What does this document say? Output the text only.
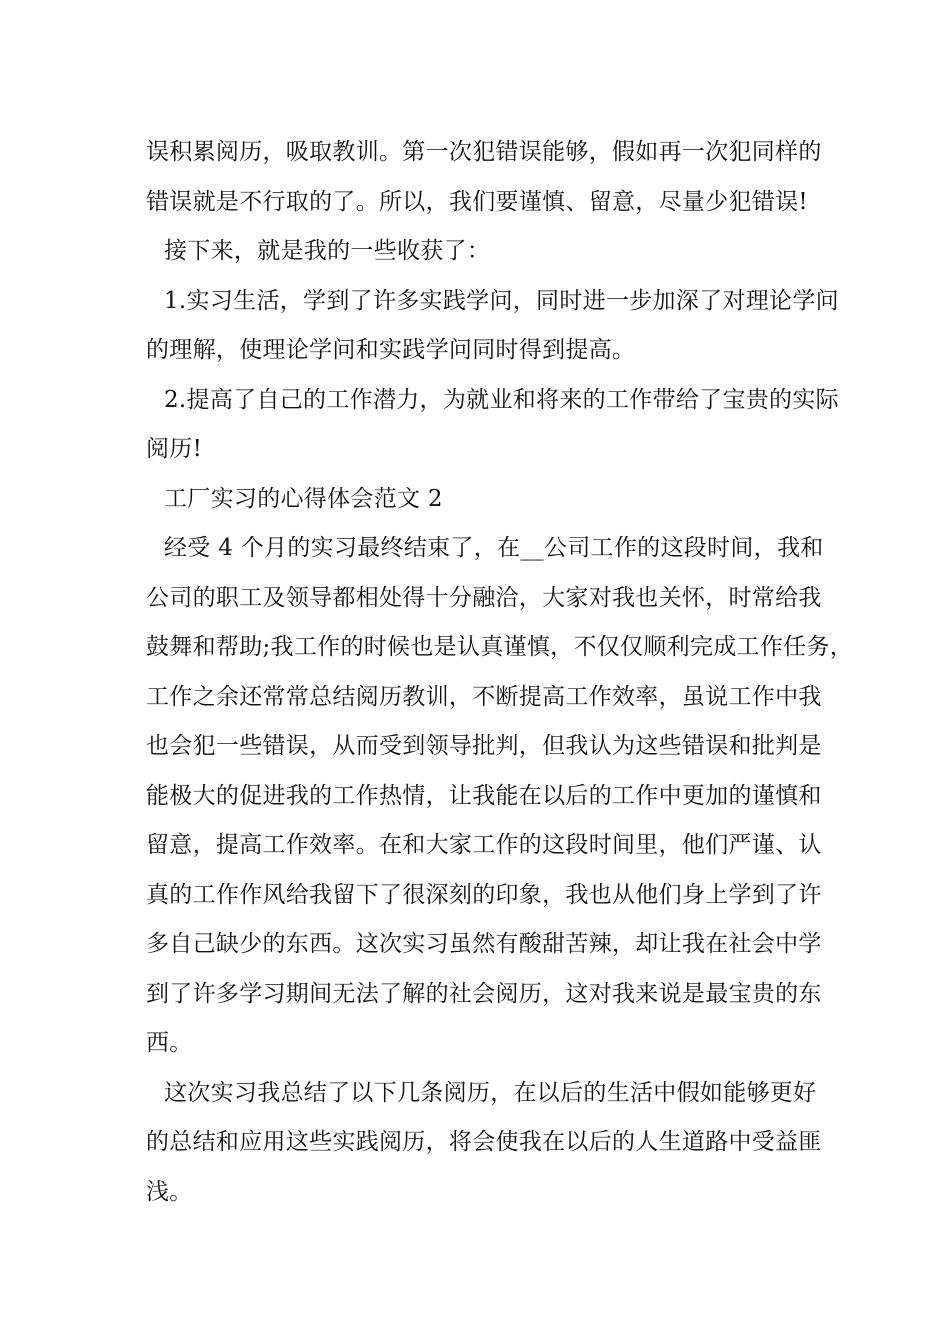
误积累阅历，吸取教训。第一次犯错误能够，假如再一次犯同样的
错误就是不行取的了。所以，我们要谨慎、留意，尽量少犯错误!
接下来，就是我的一些收获了：
1.实习生活，学到了许多实践学问，同时进一步加深了对理论学问
的理解，使理论学问和实践学问同时得到提高。
2.提高了自己的工作潜力，为就业和将来的工作带给了宝贵的实际
阅历!
工厂实习的心得体会范文 2
经受 4 个月的实习最终结束了，在__公司工作的这段时间，我和
公司的职工及领导都相处得十分融洽，大家对我也关怀，时常给我
鼓舞和帮助;我工作的时候也是认真谨慎，不仅仅顺利完成工作任务，
工作之余还常常总结阅历教训，不断提高工作效率，虽说工作中我
也会犯一些错误，从而受到领导批判，但我认为这些错误和批判是
能极大的促进我的工作热情，让我能在以后的工作中更加的谨慎和
留意，提高工作效率。在和大家工作的这段时间里，他们严谨、认
真的工作作风给我留下了很深刻的印象，我也从他们身上学到了许
多自己缺少的东西。这次实习虽然有酸甜苦辣，却让我在社会中学
到了许多学习期间无法了解的社会阅历，这对我来说是最宝贵的东
西。
这次实习我总结了以下几条阅历，在以后的生活中假如能够更好
的总结和应用这些实践阅历，将会使我在以后的人生道路中受益匪
浅。
